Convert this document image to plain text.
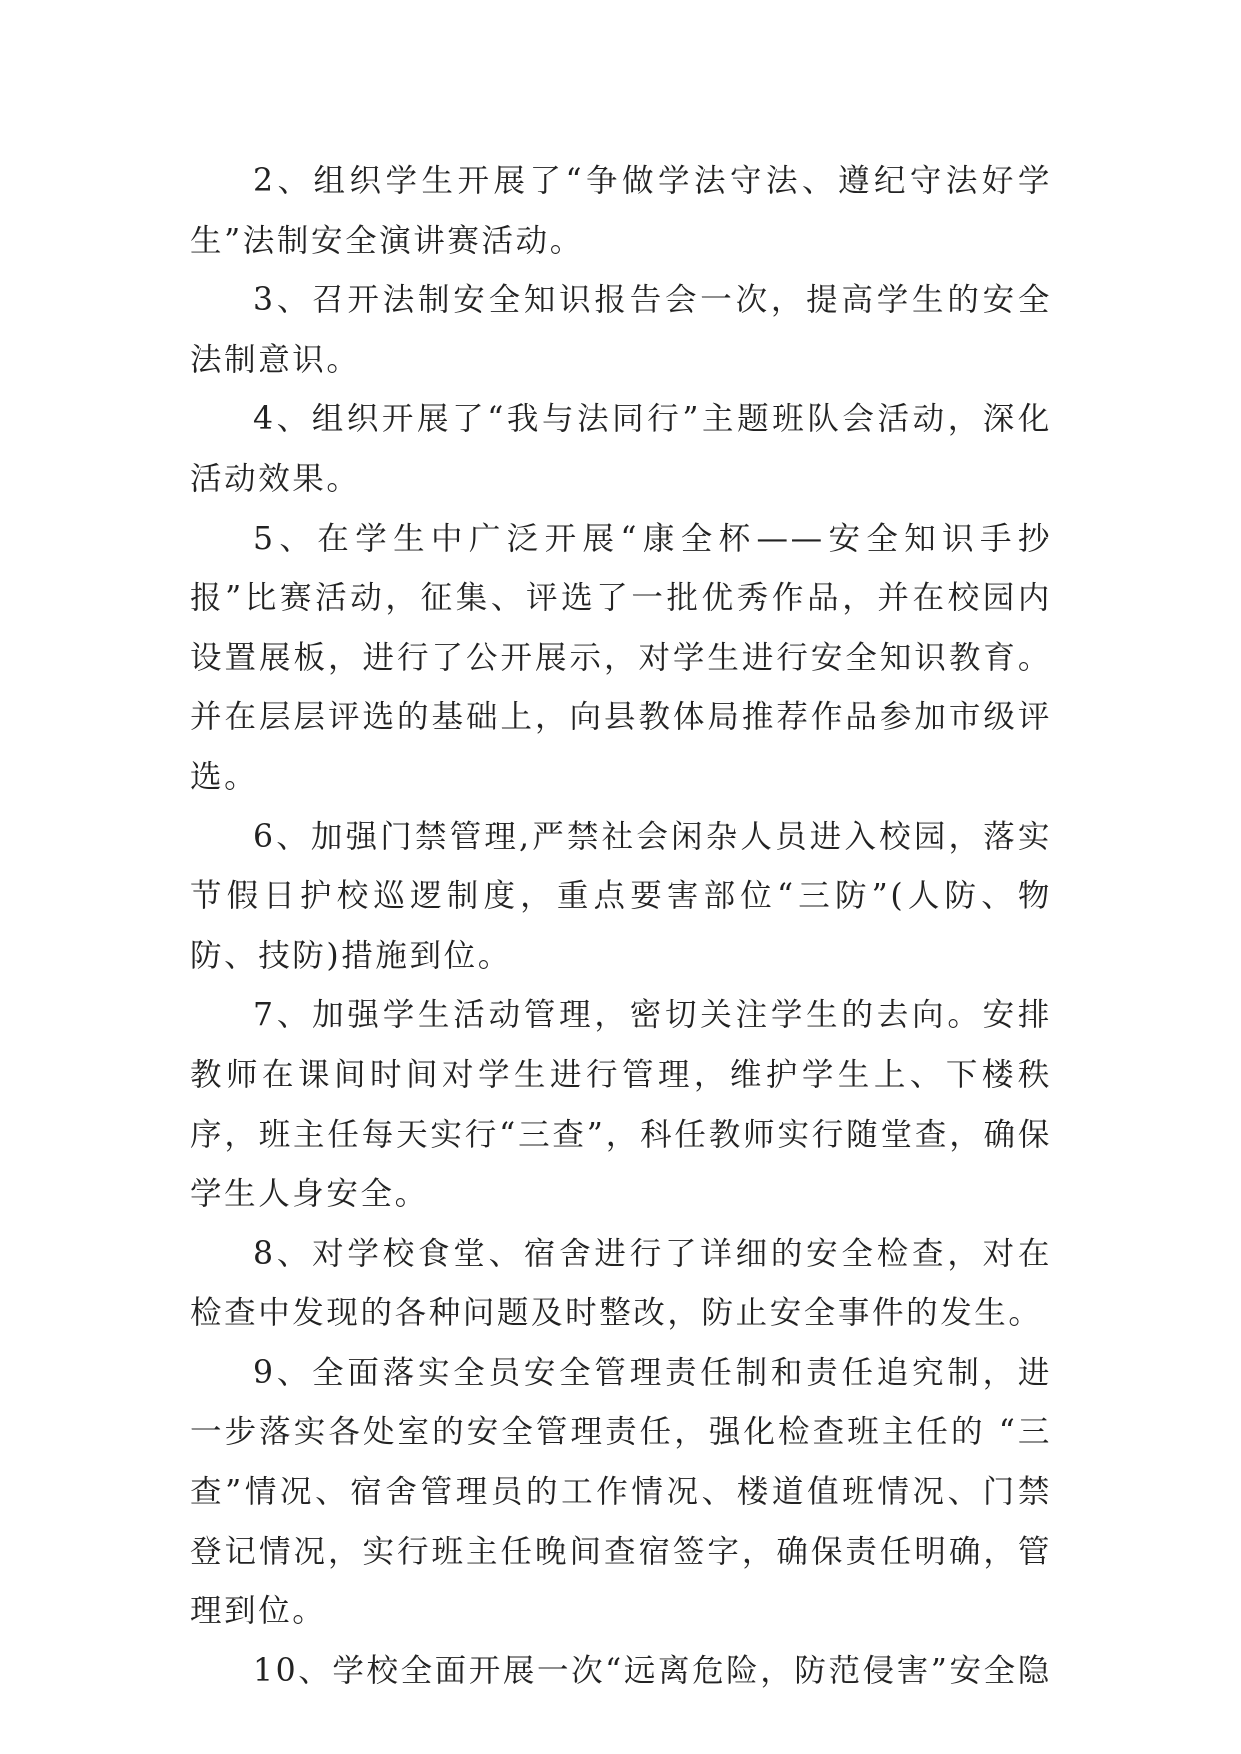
2、组织学生开展了“争做学法守法、遵纪守法好学生”法制安全演讲赛活动。

3、召开法制安全知识报告会一次，提高学生的安全法制意识。

4、组织开展了“我与法同行”主题班队会活动，深化活动效果。

5、在学生中广泛开展“康全杯——安全知识手抄报”比赛活动，征集、评选了一批优秀作品，并在校园内设置展板，进行了公开展示，对学生进行安全知识教育。并在层层评选的基础上，向县教体局推荐作品参加市级评选。

6、加强门禁管理,严禁社会闲杂人员进入校园，落实节假日护校巡逻制度，重点要害部位“三防”(人防、物防、技防)措施到位。

7、加强学生活动管理，密切关注学生的去向。安排教师在课间时间对学生进行管理，维护学生上、下楼秩序，班主任每天实行“三查”，科任教师实行随堂查，确保学生人身安全。

8、对学校食堂、宿舍进行了详细的安全检查，对在检查中发现的各种问题及时整改，防止安全事件的发生。

9、全面落实全员安全管理责任制和责任追究制，进一步落实各处室的安全管理责任，强化检查班主任的 “三查”情况、宿舍管理员的工作情况、楼道值班情况、门禁登记情况，实行班主任晚间查宿签字，确保责任明确，管理到位。

10、学校全面开展一次“远离危险，防范侵害”安全隐
